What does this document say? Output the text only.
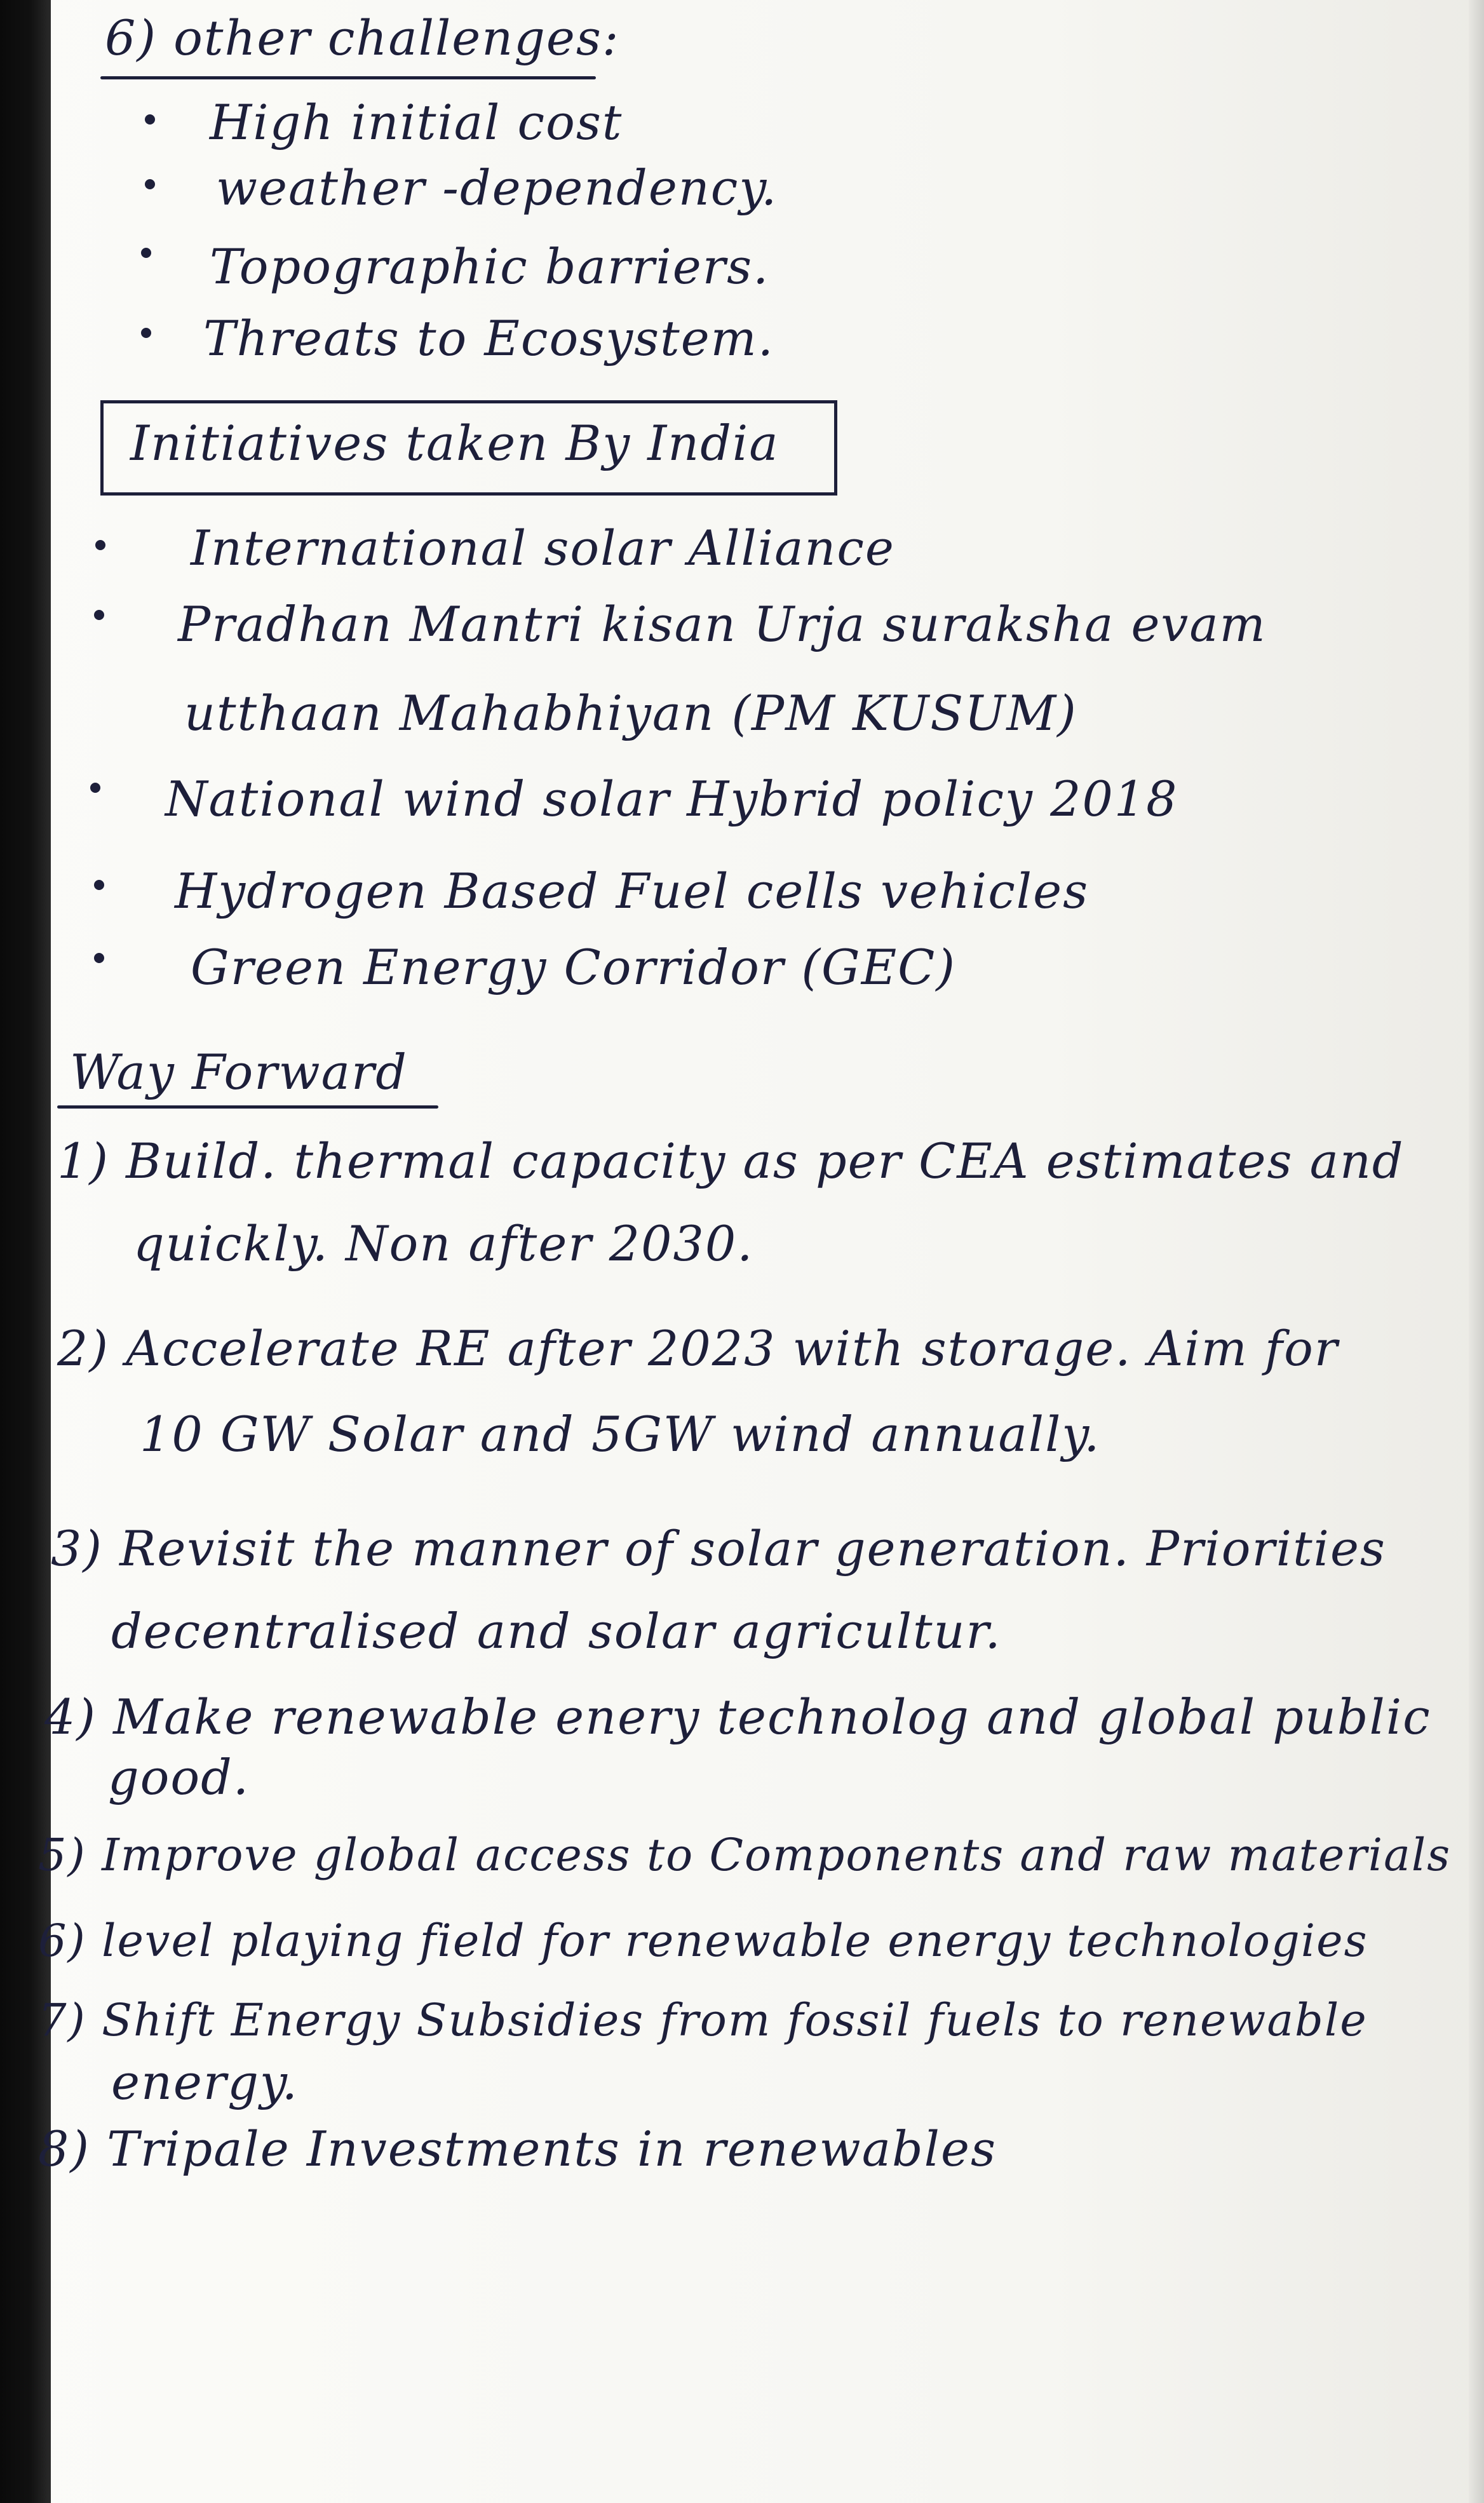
6) other challenges:
High initial cost
weather -dependency.
Topographic barriers.
Threats to Ecosystem.
Initiatives taken By India
International solar Alliance
Pradhan Mantri kisan Urja suraksha evam
utthaan Mahabhiyan (PM KUSUM)
National wind solar Hybrid policy 2018
Hydrogen Based Fuel cells vehicles
Green Energy Corridor (GEC)
Way Forward
1) Build. thermal capacity as per CEA estimates and
quickly. Non after 2030.
2) Accelerate RE after 2023 with storage. Aim for
10 GW Solar and 5GW wind annually.
3) Revisit the manner of solar generation. Priorities
decentralised and solar agricultur.
4) Make renewable enery technolog and global public
good.
5) Improve global access to Components and raw materials
6) level playing field for renewable energy technologies
7) Shift Energy Subsidies from fossil fuels to renewable
energy.
8) Tripale Investments in renewables
